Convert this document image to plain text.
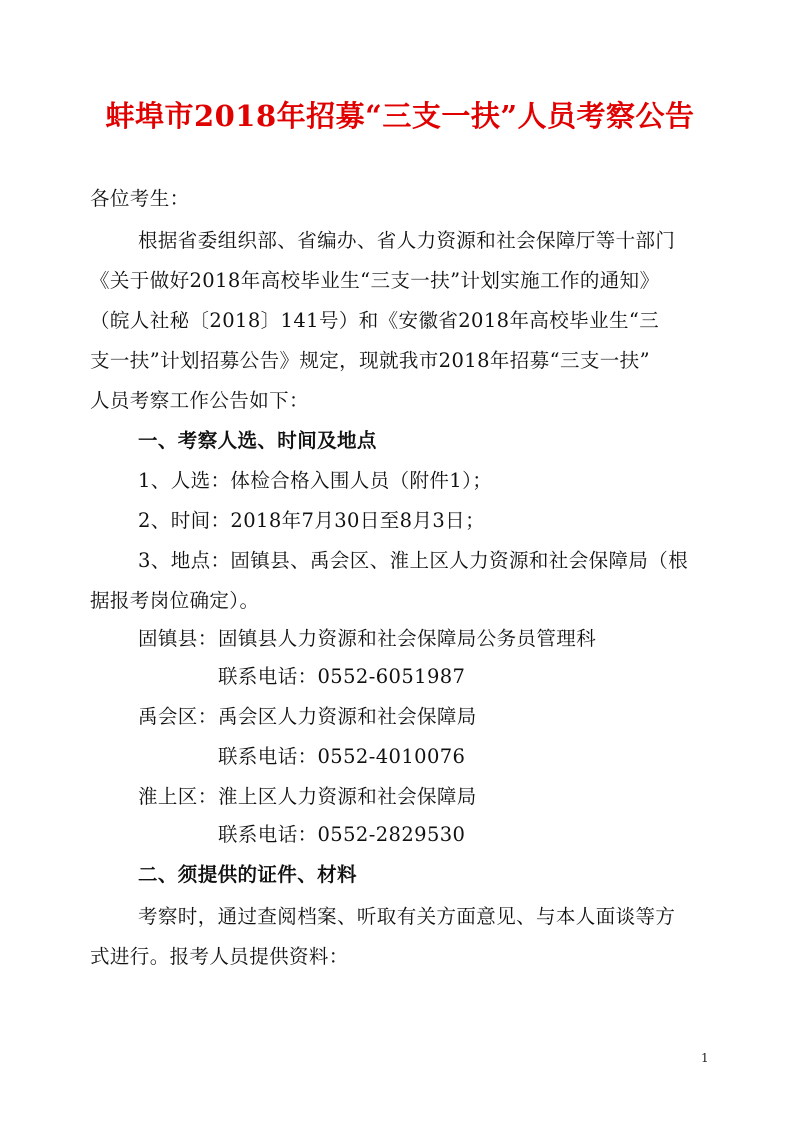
蚌埠市2018年招募“三支一扶”人员考察公告
各位考生：
根据省委组织部、省编办、省人力资源和社会保障厅等十部门
《关于做好2018年高校毕业生“三支一扶”计划实施工作的通知》
（皖人社秘〔2018〕141号）和《安徽省2018年高校毕业生“三
支一扶”计划招募公告》规定，现就我市2018年招募“三支一扶”
人员考察工作公告如下：
一、考察人选、时间及地点
1、人选：体检合格入围人员（附件1）；
2、时间：2018年7月30日至8月3日；
3、地点：固镇县、禹会区、淮上区人力资源和社会保障局（根
据报考岗位确定）。
固镇县： 固镇县人力资源和社会保障局公务员管理科
联系电话：0552-6051987
禹会区： 禹会区人力资源和社会保障局
联系电话：0552-4010076
淮上区： 淮上区人力资源和社会保障局
联系电话：0552-2829530
二、须提供的证件、材料
考察时，通过查阅档案、听取有关方面意见、与本人面谈等方
式进行。报考人员提供资料：
1
